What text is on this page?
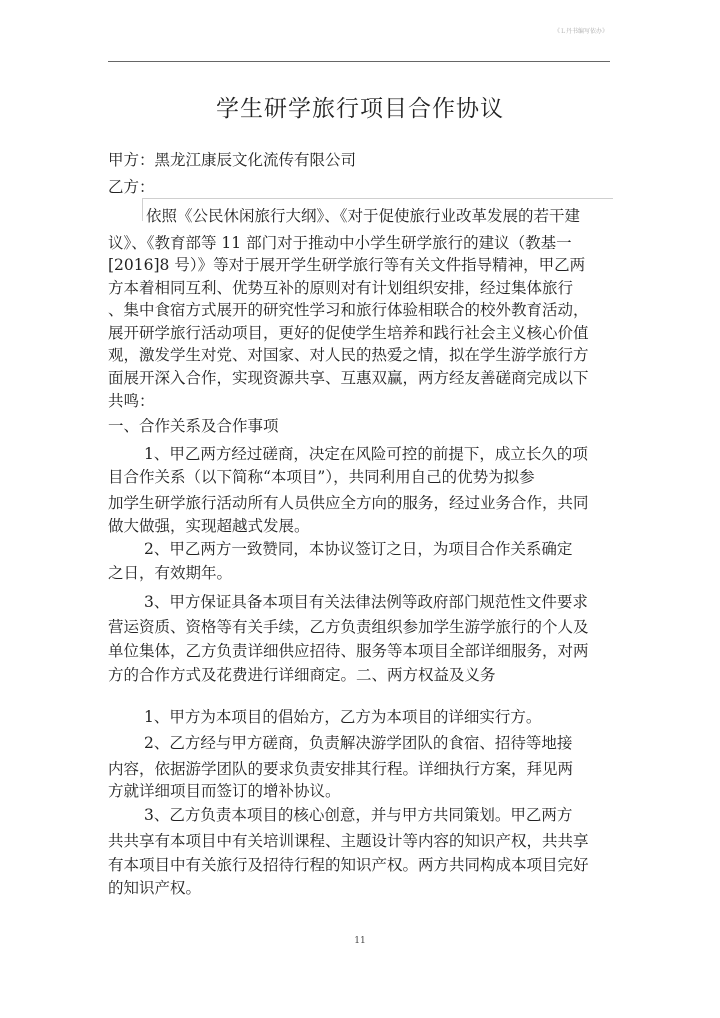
《Ｌ丹书编写依办》
学生研学旅行项目合作协议
甲方：黑龙江康辰文化流传有限公司
乙方：
依照《公民休闲旅行大纲》、《对于促使旅行业改革发展的若干建
议》、《教育部等 11 部门对于推动中小学生研学旅行的建议（教基一
[2016]8 号）》等对于展开学生研学旅行等有关文件指导精神，甲乙两
方本着相同互利、优势互补的原则对有计划组织安排，经过集体旅行
、集中食宿方式展开的研究性学习和旅行体验相联合的校外教育活动，
展开研学旅行活动项目，更好的促使学生培养和践行社会主义核心价值
观，激发学生对党、对国家、对人民的热爱之情，拟在学生游学旅行方
面展开深入合作，实现资源共享、互惠双赢，两方经友善磋商完成以下
共鸣：
一、合作关系及合作事项
1、甲乙两方经过磋商，决定在风险可控的前提下，成立长久的项
目合作关系（以下简称“本项目”），共同利用自己的优势为拟参
加学生研学旅行活动所有人员供应全方向的服务，经过业务合作，共同
做大做强，实现超越式发展。
2、甲乙两方一致赞同，本协议签订之日，为项目合作关系确定
之日，有效期年。
3、甲方保证具备本项目有关法律法例等政府部门规范性文件要求
营运资质、资格等有关手续，乙方负责组织参加学生游学旅行的个人及
单位集体，乙方负责详细供应招待、服务等本项目全部详细服务，对两
方的合作方式及花费进行详细商定。二、两方权益及义务
1、甲方为本项目的倡始方，乙方为本项目的详细实行方。
2、乙方经与甲方磋商，负责解决游学团队的食宿、招待等地接
内容，依据游学团队的要求负责安排其行程。详细执行方案，拜见两
方就详细项目而签订的增补协议。
3、乙方负责本项目的核心创意，并与甲方共同策划。甲乙两方
共共享有本项目中有关培训课程、主题设计等内容的知识产权，共共享
有本项目中有关旅行及招待行程的知识产权。两方共同构成本项目完好
的知识产权。
11
